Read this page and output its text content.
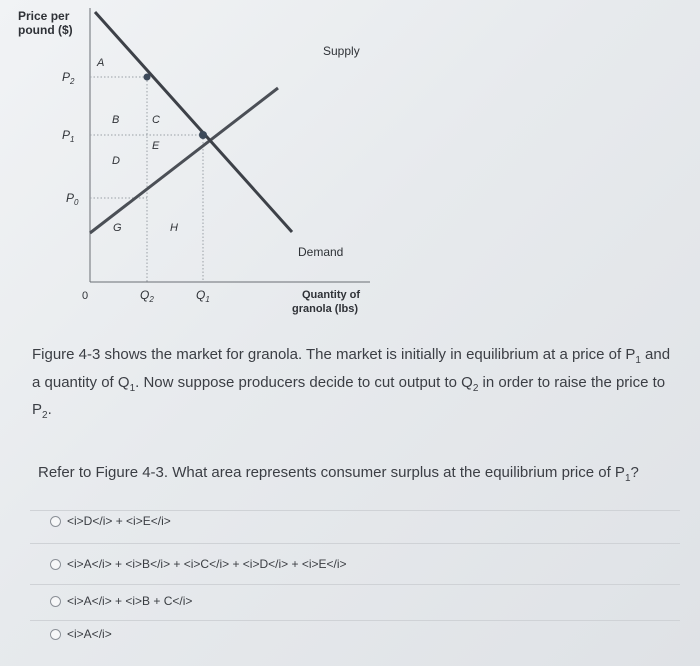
Price per
pound ($)
$P_2$
$P_1$
$P_0$
0	$Q_2$	$Q_1$
Supply
Demand
Quantity of
granola (lbs)
A
B	C
D
E
G	H

Figure 4-3 shows the market for granola. The market is initially in equilibrium at a price of $P_1$ and a quantity of $Q_1$. Now suppose producers decide to cut output to $Q_2$ in order to raise the price to $P_2$.

Refer to Figure 4-3. What area represents consumer surplus at the equilibrium price of $P_1$?

<i>D</i> + <i>E</i>
<i>A</i> + <i>B</i> + <i>C</i> + <i>D</i> + <i>E</i>
<i>A</i> + <i>B + C</i>
<i>A</i>
